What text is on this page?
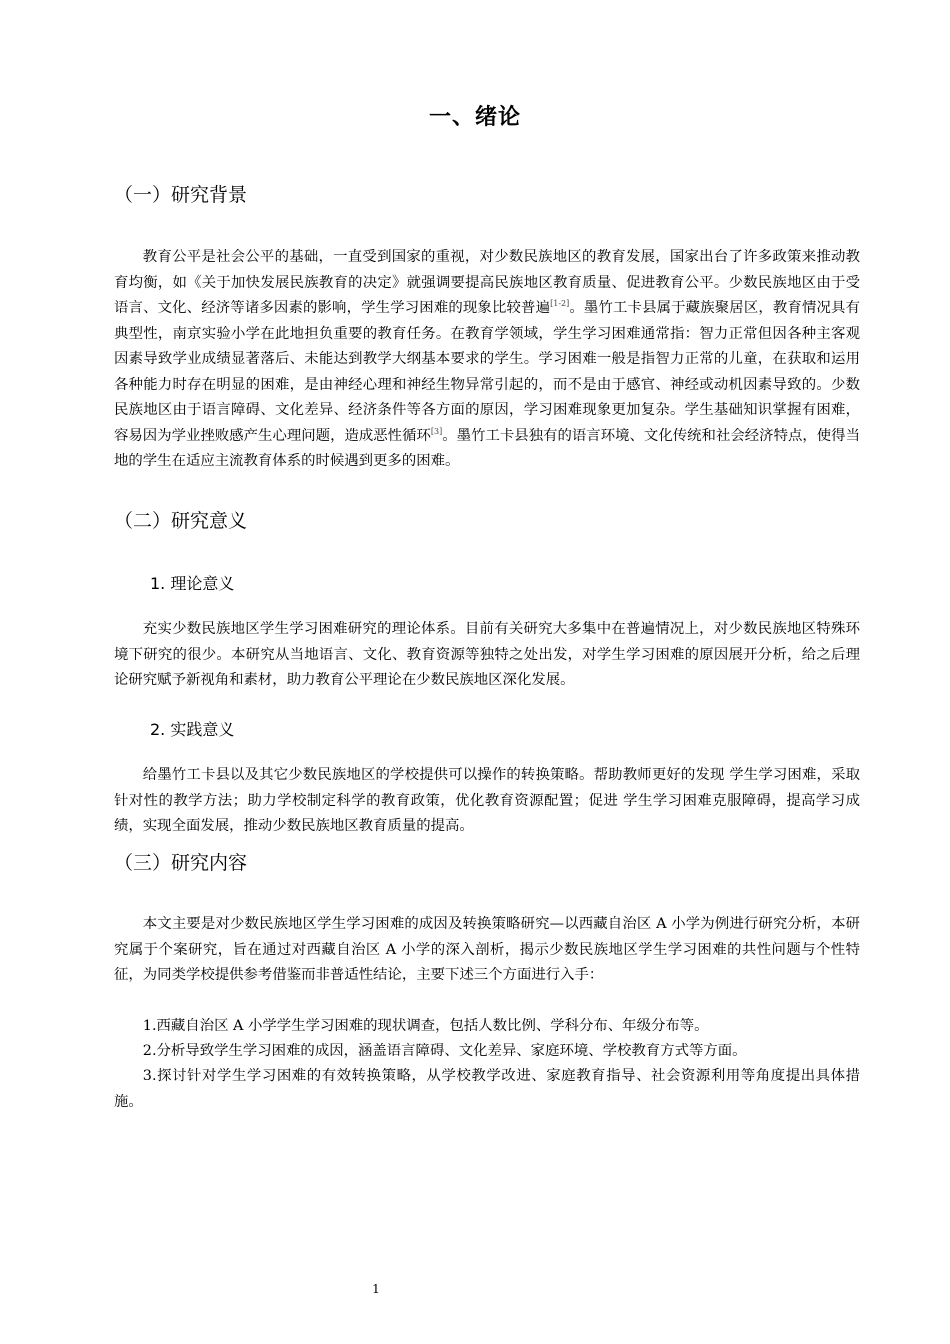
一、绪论
（一）研究背景

教育公平是社会公平的基础，一直受到国家的重视，对少数民族地区的教育发展，国家出台了许多政策来推动教育均衡，如《关于加快发展民族教育的决定》就强调要提高民族地区教育质量、促进教育公平。少数民族地区由于受语言、文化、经济等诸多因素的影响，学生学习困难的现象比较普遍[1-2]。墨竹工卡县属于藏族聚居区，教育情况具有典型性，南京实验小学在此地担负重要的教育任务。在教育学领域，学生学习困难通常指：智力正常但因各种主客观因素导致学业成绩显著落后、未能达到教学大纲基本要求的学生。学习困难一般是指智力正常的儿童，在获取和运用各种能力时存在明显的困难，是由神经心理和神经生物异常引起的，而不是由于感官、神经或动机因素导致的。少数民族地区由于语言障碍、文化差异、经济条件等各方面的原因，学习困难现象更加复杂。学生基础知识掌握有困难，容易因为学业挫败感产生心理问题，造成恶性循环[3]。墨竹工卡县独有的语言环境、文化传统和社会经济特点，使得当地的学生在适应主流教育体系的时候遇到更多的困难。

（二）研究意义
1. 理论意义

充实少数民族地区学生学习困难研究的理论体系。目前有关研究大多集中在普遍情况上，对少数民族地区特殊环境下研究的很少。本研究从当地语言、文化、教育资源等独特之处出发，对学生学习困难的原因展开分析，给之后理论研究赋予新视角和素材，助力教育公平理论在少数民族地区深化发展。

2. 实践意义

给墨竹工卡县以及其它少数民族地区的学校提供可以操作的转换策略。帮助教师更好的发现 学生学习困难，采取针对性的教学方法；助力学校制定科学的教育政策，优化教育资源配置；促进 学生学习困难克服障碍，提高学习成绩，实现全面发展，推动少数民族地区教育质量的提高。

（三）研究内容

本文主要是对少数民族地区学生学习困难的成因及转换策略研究—以西藏自治区 A 小学为例进行研究分析，本研究属于个案研究，旨在通过对西藏自治区 A 小学的深入剖析，揭示少数民族地区学生学习困难的共性问题与个性特征，为同类学校提供参考借鉴而非普适性结论，主要下述三个方面进行入手：

1.西藏自治区 A 小学学生学习困难的现状调查，包括人数比例、学科分布、年级分布等。

2.分析导致学生学习困难的成因，涵盖语言障碍、文化差异、家庭环境、学校教育方式等方面。

3.探讨针对学生学习困难的有效转换策略，从学校教学改进、家庭教育指导、社会资源利用等角度提出具体措施。

1
